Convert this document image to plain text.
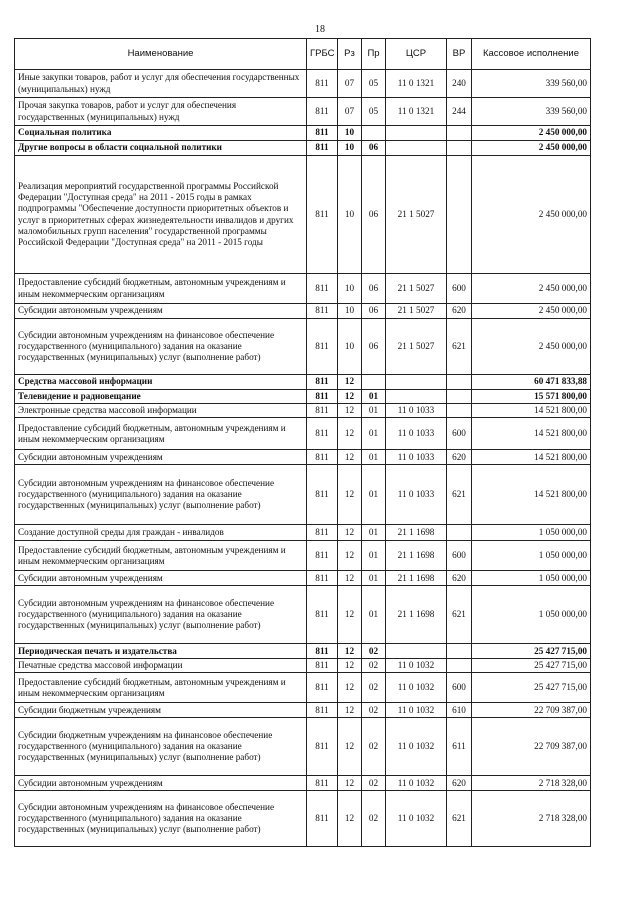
18
Наименование	ГРБС	Рз	Пр	ЦСР	ВР	Кассовое исполнение
Иные закупки товаров, работ и услуг для обеспечения государственных (муниципальных) нужд	811	07	05	11 0 1321	240	339 560,00
Прочая закупка товаров, работ и услуг для обеспечения государственных (муниципальных) нужд	811	07	05	11 0 1321	244	339 560,00
Социальная политика	811	10				2 450 000,00
Другие вопросы в области социальной политики	811	10	06			2 450 000,00
Реализация мероприятий государственной программы Российской Федерации "Доступная среда" на 2011 - 2015 годы в рамках подпрограммы "Обеспечение доступности приоритетных объектов и услуг в приоритетных сферах жизнедеятельности инвалидов и других маломобильных групп населения" государственной программы Российской Федерации "Доступная среда" на 2011 - 2015 годы	811	10	06	21 1 5027		2 450 000,00
Предоставление субсидий бюджетным, автономным учреждениям и иным некоммерческим организациям	811	10	06	21 1 5027	600	2 450 000,00
Субсидии автономным учреждениям	811	10	06	21 1 5027	620	2 450 000,00
Субсидии автономным учреждениям на финансовое обеспечение государственного (муниципального) задания на оказание государственных (муниципальных) услуг (выполнение работ)	811	10	06	21 1 5027	621	2 450 000,00
Средства массовой информации	811	12				60 471 833,88
Телевидение и радиовещание	811	12	01			15 571 800,00
Электронные средства массовой информации	811	12	01	11 0 1033		14 521 800,00
Предоставление субсидий бюджетным, автономным учреждениям и иным некоммерческим организациям	811	12	01	11 0 1033	600	14 521 800,00
Субсидии автономным учреждениям	811	12	01	11 0 1033	620	14 521 800,00
Субсидии автономным учреждениям на финансовое обеспечение государственного (муниципального) задания на оказание государственных (муниципальных) услуг (выполнение работ)	811	12	01	11 0 1033	621	14 521 800,00
Создание доступной среды для граждан - инвалидов	811	12	01	21 1 1698		1 050 000,00
Предоставление субсидий бюджетным, автономным учреждениям и иным некоммерческим организациям	811	12	01	21 1 1698	600	1 050 000,00
Субсидии автономным учреждениям	811	12	01	21 1 1698	620	1 050 000,00
Субсидии автономным учреждениям на финансовое обеспечение государственного (муниципального) задания на оказание государственных (муниципальных) услуг (выполнение работ)	811	12	01	21 1 1698	621	1 050 000,00
Периодическая печать и издательства	811	12	02			25 427 715,00
Печатные средства массовой информации	811	12	02	11 0 1032		25 427 715,00
Предоставление субсидий бюджетным, автономным учреждениям и иным некоммерческим организациям	811	12	02	11 0 1032	600	25 427 715,00
Субсидии бюджетным учреждениям	811	12	02	11 0 1032	610	22 709 387,00
Субсидии бюджетным учреждениям на финансовое обеспечение государственного (муниципального) задания на оказание государственных (муниципальных) услуг (выполнение работ)	811	12	02	11 0 1032	611	22 709 387,00
Субсидии автономным учреждениям	811	12	02	11 0 1032	620	2 718 328,00
Субсидии автономным учреждениям на финансовое обеспечение государственного (муниципального) задания на оказание государственных (муниципальных) услуг (выполнение работ)	811	12	02	11 0 1032	621	2 718 328,00
